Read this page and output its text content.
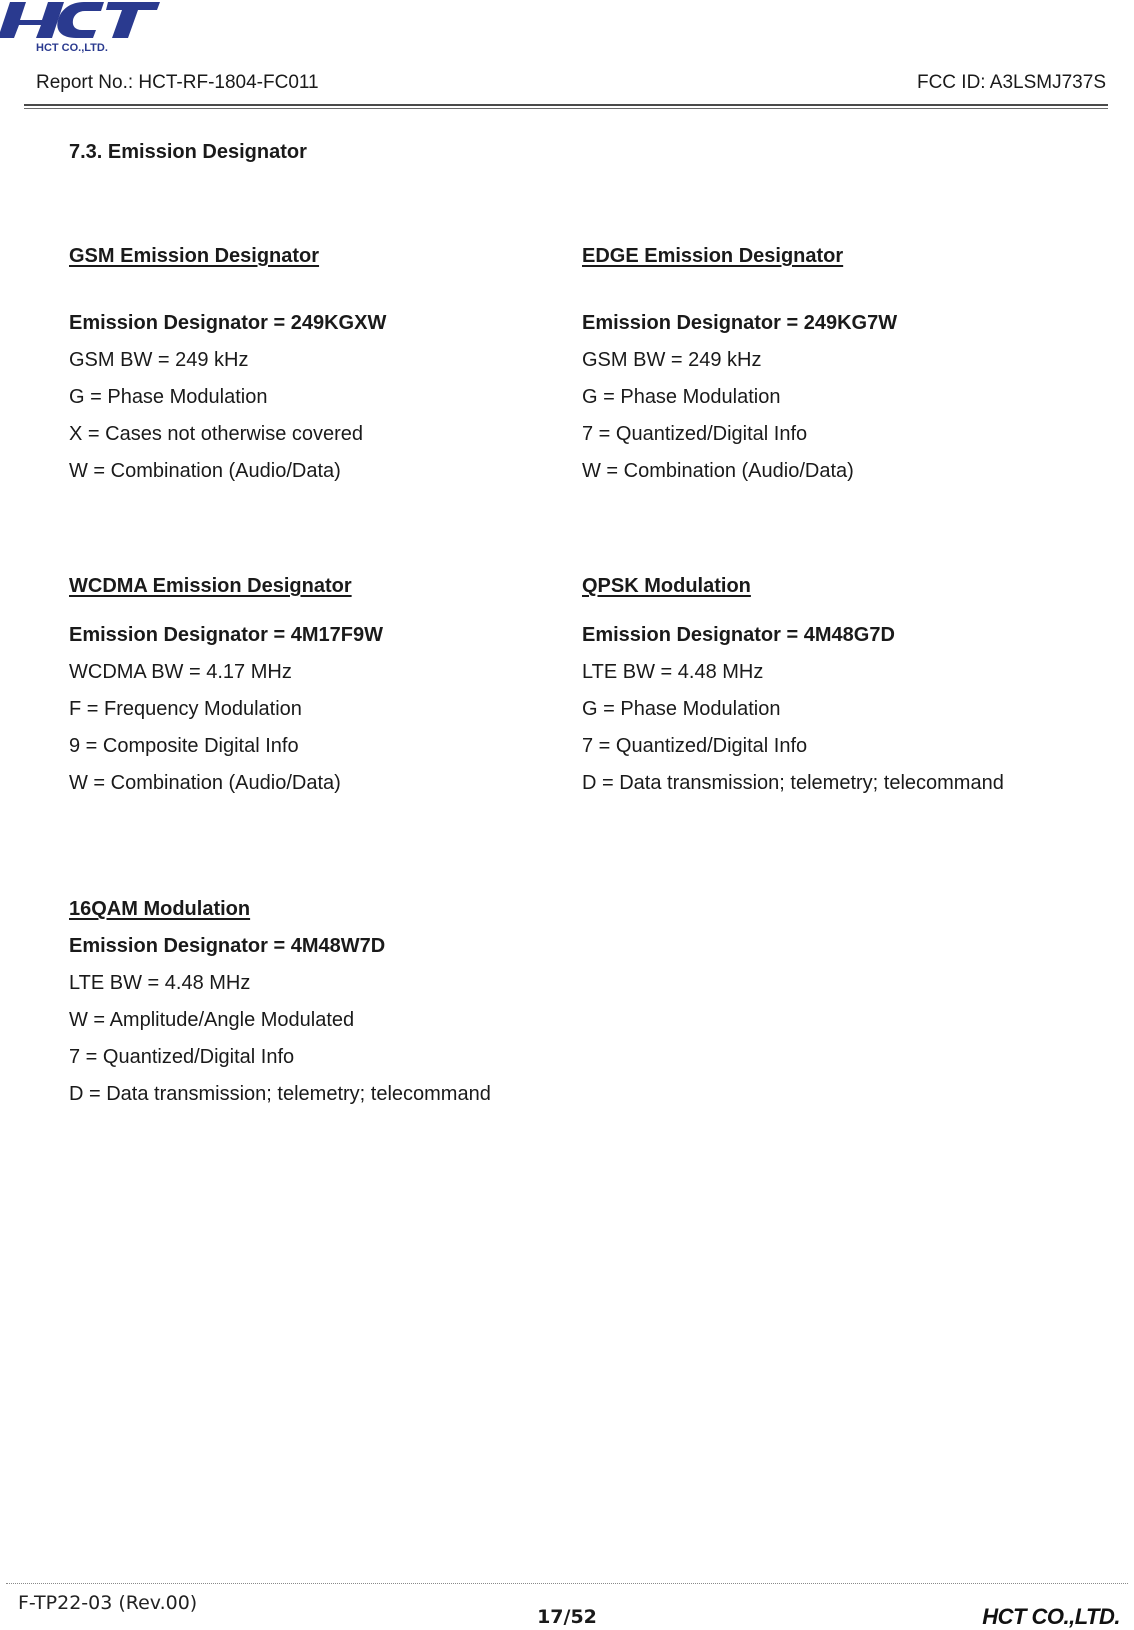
HCT CO.,LTD.
Report No.: HCT-RF-1804-FC011	FCC ID: A3LSMJ737S
7.3. Emission Designator
GSM Emission Designator
Emission Designator = 249KGXW
GSM BW = 249 kHz
G = Phase Modulation
X = Cases not otherwise covered
W = Combination (Audio/Data)
EDGE Emission Designator
Emission Designator = 249KG7W
GSM BW = 249 kHz
G = Phase Modulation
7 = Quantized/Digital Info
W = Combination (Audio/Data)
WCDMA Emission Designator
Emission Designator = 4M17F9W
WCDMA BW = 4.17 MHz
F = Frequency Modulation
9 = Composite Digital Info
W = Combination (Audio/Data)
QPSK Modulation
Emission Designator = 4M48G7D
LTE BW = 4.48 MHz
G = Phase Modulation
7 = Quantized/Digital Info
D = Data transmission; telemetry; telecommand
16QAM Modulation
Emission Designator = 4M48W7D
LTE BW = 4.48 MHz
W = Amplitude/Angle Modulated
7 = Quantized/Digital Info
D = Data transmission; telemetry; telecommand
F-TP22-03 (Rev.00)
17/52	HCT CO.,LTD.
